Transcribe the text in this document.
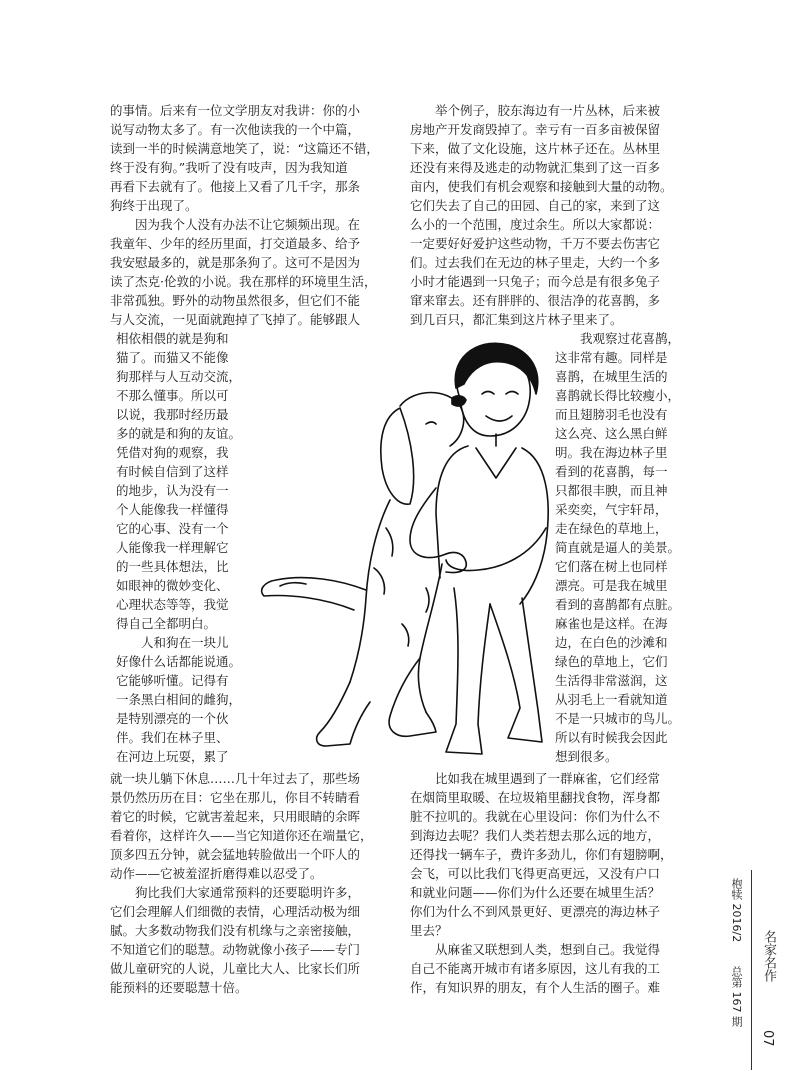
的事情。后来有一位文学朋友对我讲：你的小
说写动物太多了。有一次他读我的一个中篇，
读到一半的时候满意地笑了，说：“这篇还不错，
终于没有狗。”我听了没有吱声，因为我知道
再看下去就有了。他接上又看了几千字，那条
狗终于出现了。
　　因为我个人没有办法不让它频频出现。在
我童年、少年的经历里面，打交道最多、给予
我安慰最多的，就是那条狗了。这可不是因为
读了杰克·伦敦的小说。我在那样的环境里生活，
非常孤独。野外的动物虽然很多，但它们不能
与人交流，一见面就跑掉了飞掉了。能够跟人
相依相偎的就是狗和
猫了。而猫又不能像
狗那样与人互动交流，
不那么懂事。所以可
以说，我那时经历最
多的就是和狗的友谊。
凭借对狗的观察，我
有时候自信到了这样
的地步，认为没有一
个人能像我一样懂得
它的心事、没有一个
人能像我一样理解它
的一些具体想法，比
如眼神的微妙变化、
心理状态等等，我觉
得自己全都明白。
　　人和狗在一块儿
好像什么话都能说通。
它能够听懂。记得有
一条黑白相间的雌狗，
是特别漂亮的一个伙
伴。我们在林子里、
在河边上玩耍，累了
就一块儿躺下休息……几十年过去了，那些场
景仍然历历在目：它坐在那儿，你目不转睛看
着它的时候，它就害羞起来，只用眼睛的余晖
看着你，这样许久——当它知道你还在端量它，
顶多四五分钟，就会猛地转脸做出一个吓人的
动作——它被羞涩折磨得难以忍受了。
　　狗比我们大家通常预料的还要聪明许多，
它们会理解人们细微的表情，心理活动极为细
腻。大多数动物我们没有机缘与之亲密接触，
不知道它们的聪慧。动物就像小孩子——专门
做儿童研究的人说，儿童比大人、比家长们所
能预料的还要聪慧十倍。
　　举个例子，胶东海边有一片丛林，后来被
房地产开发商毁掉了。幸亏有一百多亩被保留
下来，做了文化设施，这片林子还在。丛林里
还没有来得及逃走的动物就汇集到了这一百多
亩内，使我们有机会观察和接触到大量的动物。
它们失去了自己的田园、自己的家，来到了这
么小的一个范围，度过余生。所以大家都说：
一定要好好爱护这些动物，千万不要去伤害它
们。过去我们在无边的林子里走，大约一个多
小时才能遇到一只兔子；而今总是有很多兔子
窜来窜去。还有胖胖的、很洁净的花喜鹊，多
到几百只，都汇集到这片林子里来了。
　　我观察过花喜鹊，
这非常有趣。同样是
喜鹊，在城里生活的
喜鹊就长得比较瘦小，
而且翅膀羽毛也没有
这么亮、这么黑白鲜
明。我在海边林子里
看到的花喜鹊，每一
只都很丰腴，而且神
采奕奕，气宇轩昂，
走在绿色的草地上，
简直就是逼人的美景。
它们落在树上也同样
漂亮。可是我在城里
看到的喜鹊都有点脏。
麻雀也是这样。在海
边，在白色的沙滩和
绿色的草地上，它们
生活得非常滋润，这
从羽毛上一看就知道
不是一只城市的鸟儿。
所以有时候我会因此
想到很多。
　　比如我在城里遇到了一群麻雀，它们经常
在烟筒里取暖、在垃圾箱里翻找食物，浑身都
脏不拉叽的。我就在心里设问：你们为什么不
到海边去呢？我们人类若想去那么远的地方，
还得找一辆车子，费许多劲儿，你们有翅膀啊，
会飞，可以比我们飞得更高更远，又没有户口
和就业问题——你们为什么还要在城里生活？
你们为什么不到风景更好、更漂亮的海边林子
里去？
　　从麻雀又联想到人类，想到自己。我觉得
自己不能离开城市有诸多原因，这儿有我的工
作，有知识界的朋友，有个人生活的圈子。难
枹犊 2016/2
总第 167 期
名家名作
07
